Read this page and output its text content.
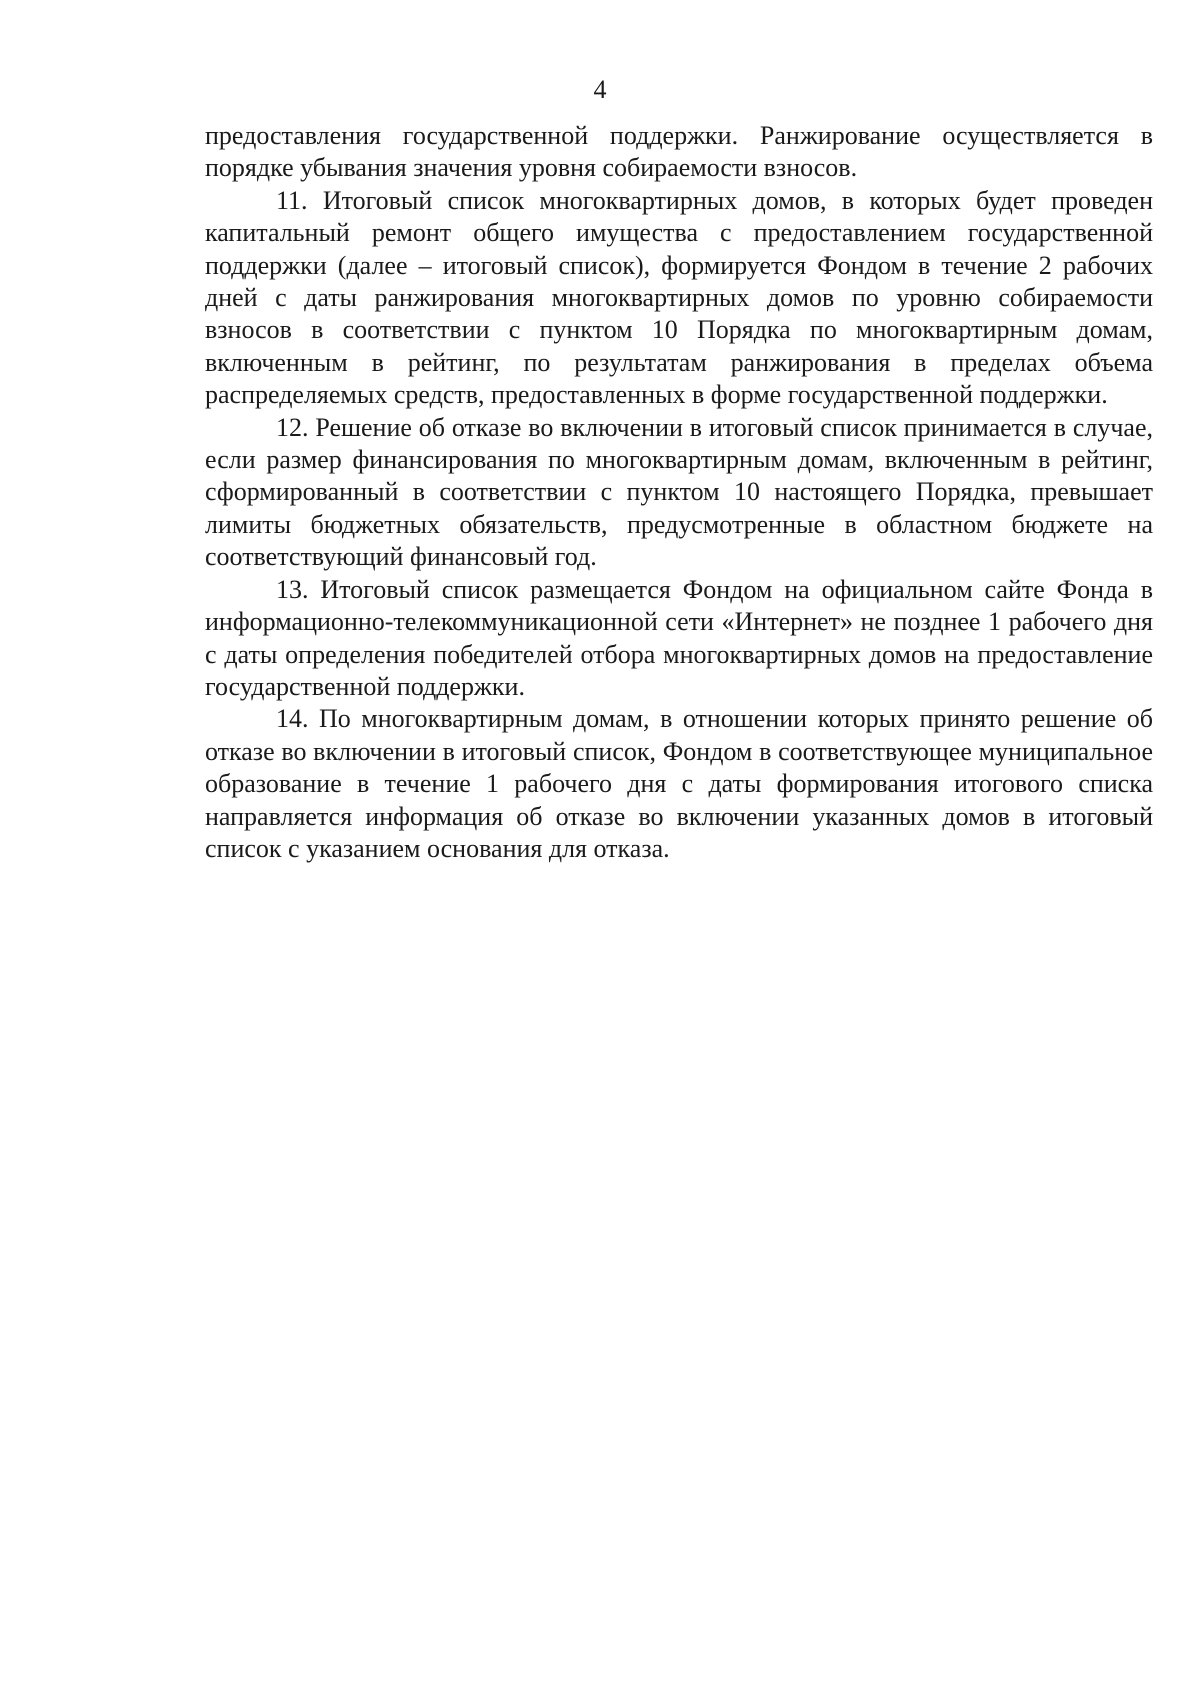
4

предоставления государственной поддержки. Ранжирование осуществляется в порядке убывания значения уровня собираемости взносов.

11. Итоговый список многоквартирных домов, в которых будет проведен капитальный ремонт общего имущества с предоставлением государственной поддержки (далее – итоговый список), формируется Фондом в течение 2 рабочих дней с даты ранжирования многоквартирных домов по уровню собираемости взносов в соответствии с пунктом 10 Порядка по многоквартирным домам, включенным в рейтинг, по результатам ранжирования в пределах объема распределяемых средств, предоставленных в форме государственной поддержки.

12. Решение об отказе во включении в итоговый список принимается в случае, если размер финансирования по многоквартирным домам, включенным в рейтинг, сформированный в соответствии с пунктом 10 настоящего Порядка, превышает лимиты бюджетных обязательств, предусмотренные в областном бюджете на соответствующий финансовый год.

13. Итоговый список размещается Фондом на официальном сайте Фонда в информационно-телекоммуникационной сети «Интернет» не позднее 1 рабочего дня с даты определения победителей отбора многоквартирных домов на предоставление государственной поддержки.

14. По многоквартирным домам, в отношении которых принято решение об отказе во включении в итоговый список, Фондом в соответствующее муниципальное образование в течение 1 рабочего дня с даты формирования итогового списка направляется информация об отказе во включении указанных домов в итоговый список с указанием основания для отказа.
